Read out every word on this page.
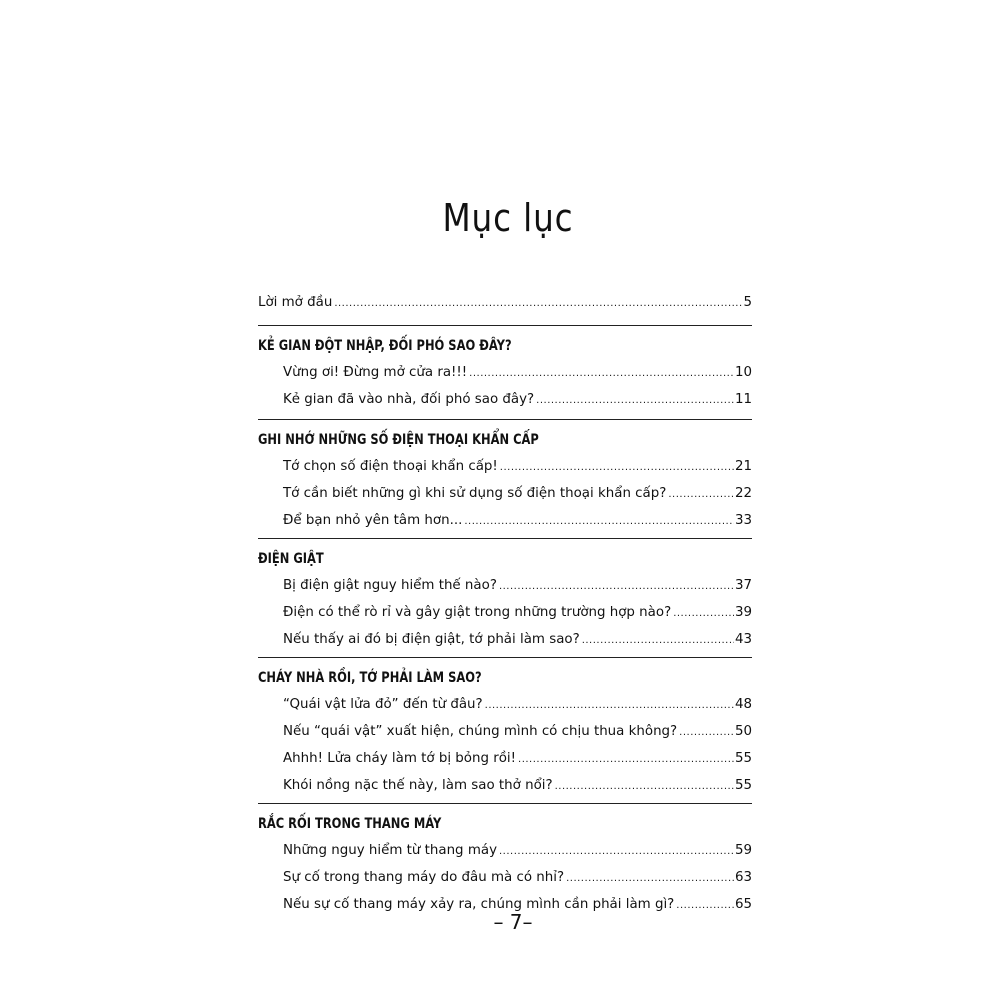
Mục lục
Lời mở đầu .....	5

KẺ GIAN ĐỘT NHẬP, ĐỐI PHÓ SAO ĐÂY?

Vừng ơi! Đừng mở cửa ra!!! .....	10
Kẻ gian đã vào nhà, đối phó sao đây? .....	11

GHI NHỚ NHỮNG SỐ ĐIỆN THOẠI KHẨN CẤP

Tớ chọn số điện thoại khẩn cấp! .....	21
Tớ cần biết những gì khi sử dụng số điện thoại khẩn cấp? .....	22
Để bạn nhỏ yên tâm hơn... .....	33

ĐIỆN GIẬT

Bị điện giật nguy hiểm thế nào? .....	37
Điện có thể rò rỉ và gây giật trong những trường hợp nào? .....	39
Nếu thấy ai đó bị điện giật, tớ phải làm sao? .....	43

CHÁY NHÀ RỒI, TỚ PHẢI LÀM SAO?

“Quái vật lửa đỏ” đến từ đâu? .....	48
Nếu “quái vật” xuất hiện, chúng mình có chịu thua không? .....	50
Ahhh! Lửa cháy làm tớ bị bỏng rồi! .....	55
Khói nồng nặc thế này, làm sao thở nổi? .....	55

RẮC RỐI TRONG THANG MÁY

Những nguy hiểm từ thang máy .....	59
Sự cố trong thang máy do đâu mà có nhỉ? .....	63
Nếu sự cố thang máy xảy ra, chúng mình cần phải làm gì? .....	65
– 7–
